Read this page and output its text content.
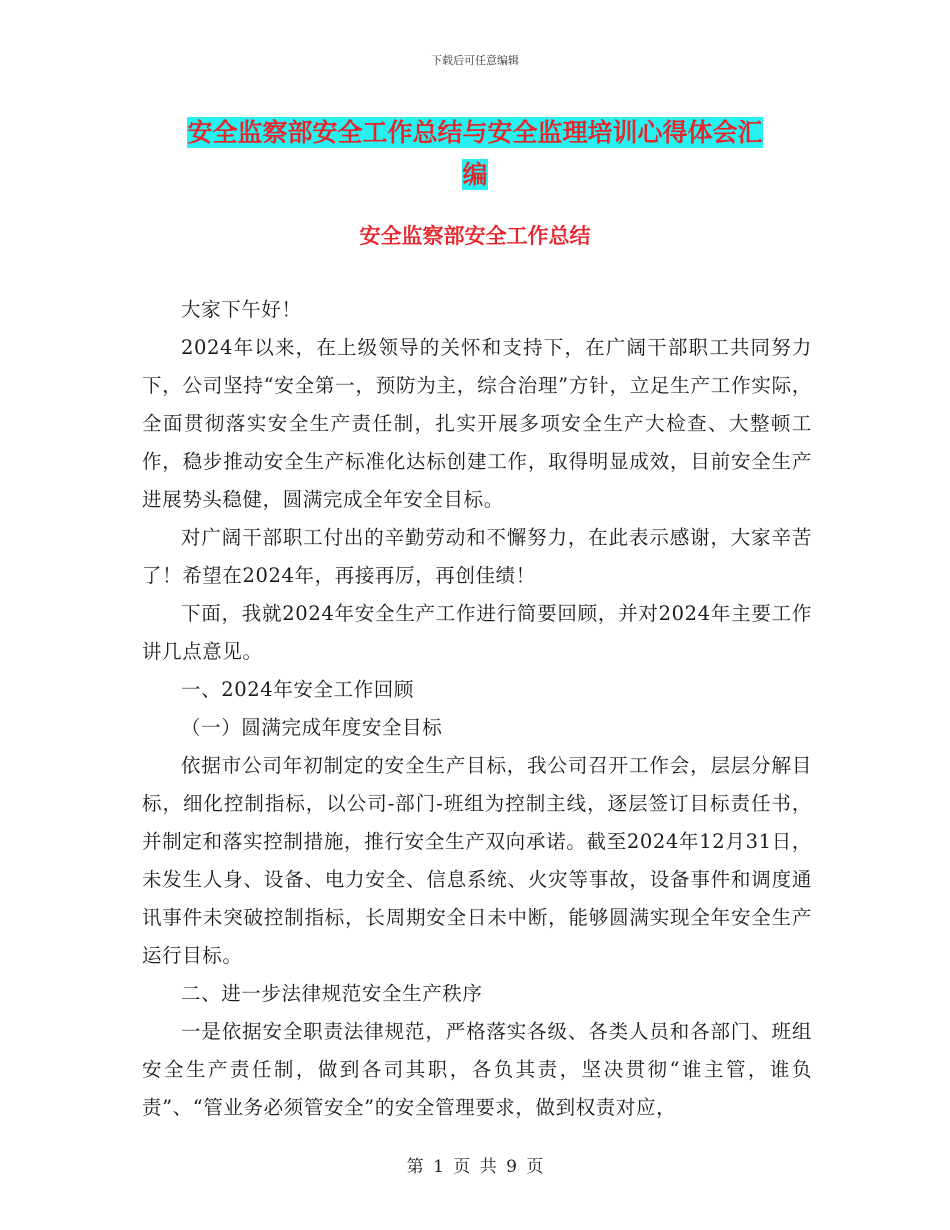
下载后可任意编辑
安全监察部安全工作总结与安全监理培训心得体会汇
编
安全监察部安全工作总结

大家下午好！

2024年以来，在上级领导的关怀和支持下，在广阔干部职工共同努力下，公司坚持“安全第一，预防为主，综合治理”方针，立足生产工作实际，全面贯彻落实安全生产责任制，扎实开展多项安全生产大检查、大整顿工作，稳步推动安全生产标准化达标创建工作，取得明显成效，目前安全生产进展势头稳健，圆满完成全年安全目标。

对广阔干部职工付出的辛勤劳动和不懈努力，在此表示感谢，大家辛苦了！希望在2024年，再接再厉，再创佳绩！

下面，我就2024年安全生产工作进行简要回顾，并对2024年主要工作讲几点意见。

一、2024年安全工作回顾

（一）圆满完成年度安全目标

依据市公司年初制定的安全生产目标，我公司召开工作会，层层分解目标，细化控制指标，以公司-部门-班组为控制主线，逐层签订目标责任书，并制定和落实控制措施，推行安全生产双向承诺。截至2024年12月31日，未发生人身、设备、电力安全、信息系统、火灾等事故，设备事件和调度通讯事件未突破控制指标，长周期安全日未中断，能够圆满实现全年安全生产运行目标。

二、进一步法律规范安全生产秩序

一是依据安全职责法律规范，严格落实各级、各类人员和各部门、班组安全生产责任制，做到各司其职，各负其责，坚决贯彻“谁主管，谁负责”、“管业务必须管安全”的安全管理要求，做到权责对应，

第 1 页 共 9 页
